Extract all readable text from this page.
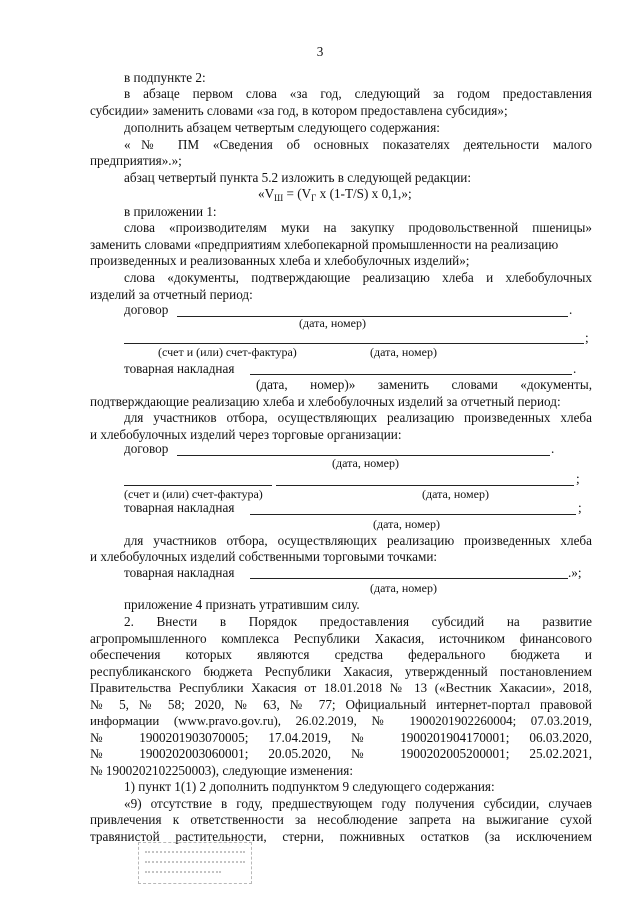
3
в подпункте 2:
в абзаце первом слова «за год, следующий за годом предоставления
субсидии» заменить словами «за год, в котором предоставлена субсидия»;
дополнить абзацем четвертым следующего содержания:
«№ ПМ «Сведения об основных показателях деятельности малого
предприятия».»;
абзац четвертый пункта 5.2 изложить в следующей редакции:
«$V_Ш = (V_Г$ х (1-Т/S) х 0,1,»;
в приложении 1:
слова «производителям муки на закупку продовольственной пшеницы»
заменить словами «предприятиям хлебопекарной промышленности на реализацию
произведенных и реализованных хлеба и хлебобулочных изделий»;
слова «документы, подтверждающие реализацию хлеба и хлебобулочных
изделий за отчетный период:
договор	.
(дата, номер)
;
(счет и (или) счет-фактура)	(дата, номер)
товарная накладная	.
(дата, номер)» заменить словами «документы,
подтверждающие реализацию хлеба и хлебобулочных изделий за отчетный период:
для участников отбора, осуществляющих реализацию произведенных хлеба
и хлебобулочных изделий через торговые организации:
договор	.
(дата, номер)
;
(счет и (или) счет-фактура)	(дата, номер)
товарная накладная	;
(дата, номер)
для участников отбора, осуществляющих реализацию произведенных хлеба
и хлебобулочных изделий собственными торговыми точками:
товарная накладная	.»;
(дата, номер)
приложение 4 признать утратившим силу.
2. Внести в Порядок предоставления субсидий на развитие
агропромышленного комплекса Республики Хакасия, источником финансового
обеспечения которых являются средства федерального бюджета и
республиканского бюджета Республики Хакасия, утвержденный постановлением
Правительства Республики Хакасия от 18.01.2018 № 13 («Вестник Хакасии», 2018,
№ 5, № 58; 2020, № 63, № 77; Официальный интернет-портал правовой
информации (www.pravo.gov.ru), 26.02.2019, № 1900201902260004; 07.03.2019,
№ 1900201903070005; 17.04.2019, № 1900201904170001; 06.03.2020,
№ 1900202003060001; 20.05.2020, № 1900202005200001; 25.02.2021,
№ 1900202102250003), следующие изменения:
1) пункт 1(1) 2 дополнить подпунктом 9 следующего содержания:
«9) отсутствие в году, предшествующем году получения субсидии, случаев
привлечения к ответственности за несоблюдение запрета на выжигание сухой
травянистой растительности, стерни, пожнивных остатков (за исключением
